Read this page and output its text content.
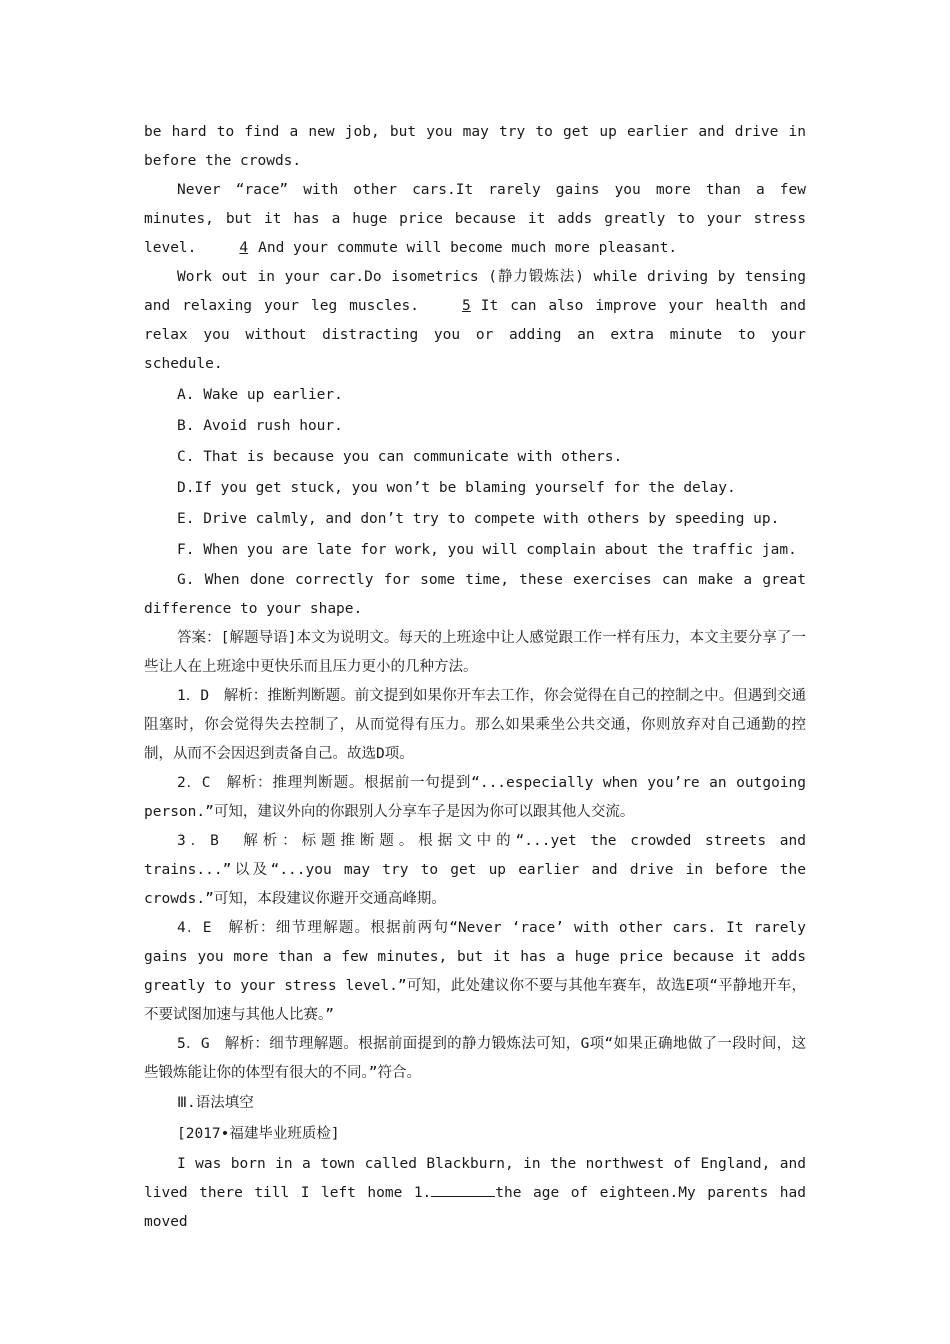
be hard to find a new job, but you may try to get up earlier and drive in before the crowds.

Never “race” with other cars.It rarely gains you more than a few minutes, but it has a huge price because it adds greatly to your stress level.	4 And your commute will become much more pleasant.

Work out in your car.Do isometrics (静力锻炼法) while driving by tensing and relaxing your leg muscles.	5 It can also improve your health and relax you without distracting you or adding an extra minute to your schedule.

A. Wake up earlier.

B. Avoid rush hour.

C. That is because you can communicate with others.

D.If you get stuck, you won’t be blaming yourself for the delay.

E. Drive calmly, and don’t try to compete with others by speeding up.

F. When you are late for work, you will complain about the traffic jam.

G. When done correctly for some time, these exercises can make a great difference to your shape.

答案：[解题导语]本文为说明文。每天的上班途中让人感觉跟工作一样有压力，本文主要分享了一些让人在上班途中更快乐而且压力更小的几种方法。

1．D　解析：推断判断题。前文提到如果你开车去工作，你会觉得在自己的控制之中。但遇到交通阻塞时，你会觉得失去控制了，从而觉得有压力。那么如果乘坐公共交通，你则放弃对自己通勤的控制，从而不会因迟到责备自己。故选D项。

2．C　解析：推理判断题。根据前一句提到“...especially when you’re an outgoing person.”可知，建议外向的你跟别人分享车子是因为你可以跟其他人交流。

3．B　解析：标题推断题。根据文中的“...yet the crowded streets and trains...”以及“...you may try to get up earlier and drive in before the crowds.”可知，本段建议你避开交通高峰期。

4．E　解析：细节理解题。根据前两句“Never ‘race’ with other cars. It rarely gains you more than a few minutes, but it has a huge price because it adds greatly to your stress level.”可知，此处建议你不要与其他车赛车，故选E项“平静地开车，不要试图加速与其他人比赛。”

5．G　解析：细节理解题。根据前面提到的静力锻炼法可知，G项“如果正确地做了一段时间，这些锻炼能让你的体型有很大的不同。”符合。

Ⅲ.语法填空

[2017•福建毕业班质检]

I was born in a town called Blackburn, in the northwest of England, and lived there till I left home 1.	the age of eighteen.My parents had moved
